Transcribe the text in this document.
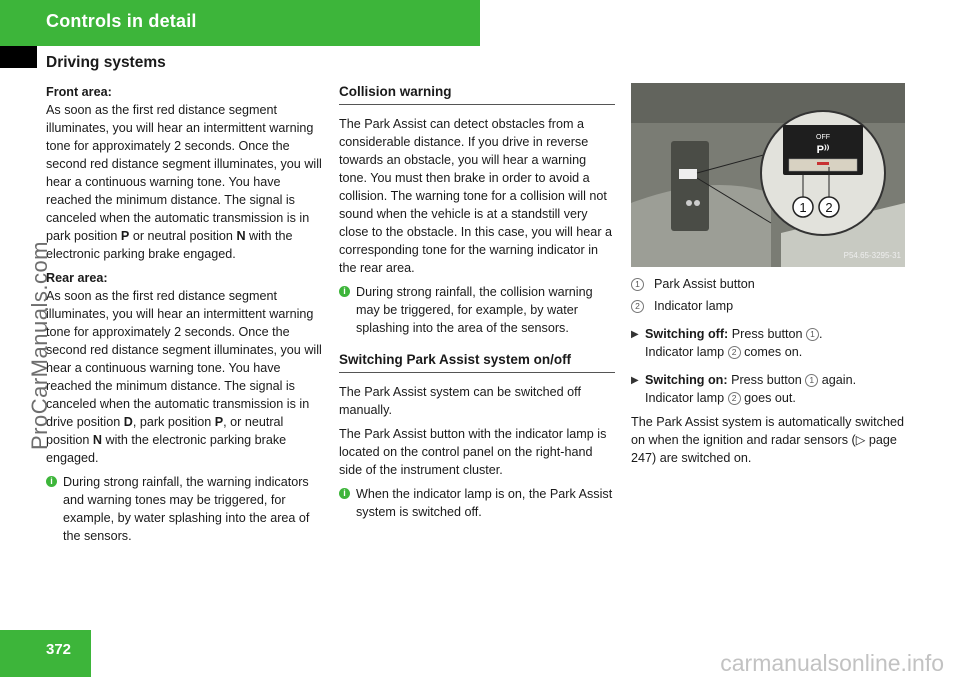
Controls in detail
Driving systems

Front area:
As soon as the first red distance segment illuminates, you will hear an intermittent warning tone for approximately 2 seconds. Once the second red distance segment illuminates, you will hear a continuous warning tone. You have reached the minimum distance. The signal is canceled when the automatic transmission is in park position P or neutral position N with the electronic parking brake engaged.

Rear area:
As soon as the first red distance segment illuminates, you will hear an intermittent warning tone for approximately 2 seconds. Once the second red distance segment illuminates, you will hear a continuous warning tone. You have reached the minimum distance. The signal is canceled when the automatic transmission is in drive position D, park position P, or neutral position N with the electronic parking brake engaged.

i During strong rainfall, the warning indicators and warning tones may be triggered, for example, by water splashing into the area of the sensors.
Collision warning

The Park Assist can detect obstacles from a considerable distance. If you drive in reverse towards an obstacle, you will hear a warning tone. You must then brake in order to avoid a collision. The warning tone for a collision will not sound when the vehicle is at a standstill very close to the obstacle. In this case, you will hear a corresponding tone for the warning indicator in the rear area.

i During strong rainfall, the collision warning may be triggered, for example, by water splashing into the area of the sensors.
Switching Park Assist system on/off

The Park Assist system can be switched off manually.

The Park Assist button with the indicator lamp is located on the control panel on the right-hand side of the instrument cluster.

i When the indicator lamp is on, the Park Assist system is switched off.
OFF
P⁾⁾
1 2
P54.65-3295-31
1	Park Assist button
2	Indicator lamp
▶ Switching off: Press button 1 .
Indicator lamp 2 comes on.
▶ Switching on: Press button 1 again.
Indicator lamp 2 goes out.

The Park Assist system is automatically switched on when the ignition and radar sensors (▷ page 247) are switched on.

372
ProCarManuals.com
carmanualsonline.info
